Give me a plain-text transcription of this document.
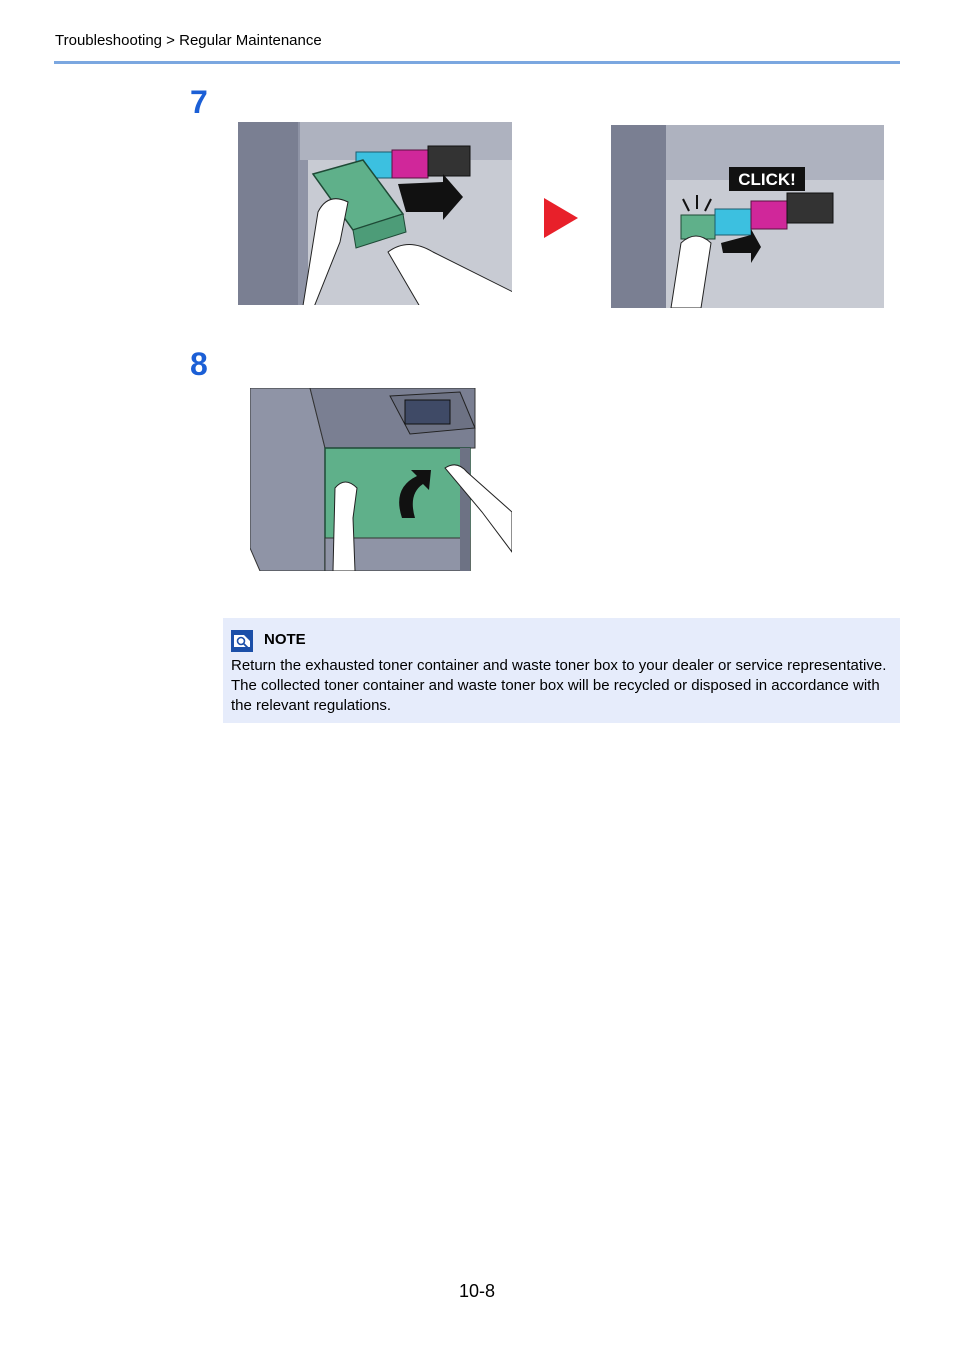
Troubleshooting > Regular Maintenance
7
CLICK!
8
NOTE
Return the exhausted toner container and waste toner box to your dealer or service representative. The collected toner container and waste toner box will be recycled or disposed in accordance with the relevant regulations.
10-8
